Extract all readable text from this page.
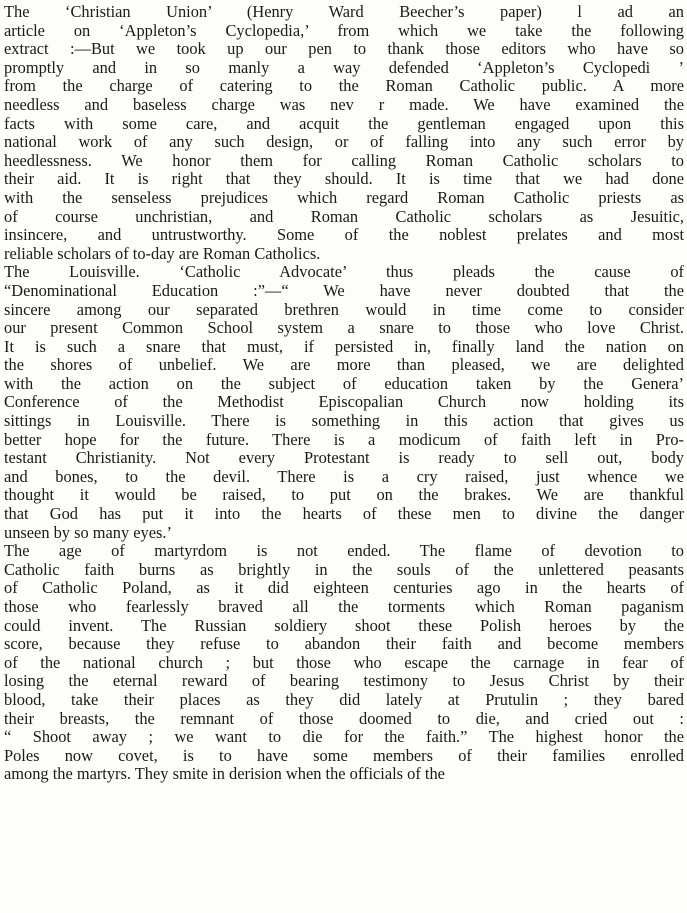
The ‘Christian Union’ (Henry Ward Beecher’s paper) l ad an
article on ‘Appleton’s Cyclopedia,’ from which we take the following
extract :—But we took up our pen to thank those editors who have so
promptly and in so manly a way defended ‘Appleton’s Cyclopedi ’
from the charge of catering to the Roman Catholic public. A more
needless and baseless charge was nev r made. We have examined the
facts with some care, and acquit the gentleman engaged upon this
national work of any such design, or of falling into any such error by
heedlessness. We honor them for calling Roman Catholic scholars to
their aid. It is right that they should. It is time that we had done
with the senseless prejudices which regard Roman Catholic priests as
of course unchristian, and Roman Catholic scholars as Jesuitic,
insincere, and untrustworthy. Some of the noblest prelates and most
reliable scholars of to-day are Roman Catholics.

The Louisville. ‘Catholic Advocate’ thus pleads the cause of
“Denominational Education :”—“ We have never doubted that the
sincere among our separated brethren would in time come to consider
our present Common School system a snare to those who love Christ.
It is such a snare that must, if persisted in, finally land the nation on
the shores of unbelief. We are more than pleased, we are delighted
with the action on the subject of education taken by the Genera’
Conference of the Methodist Episcopalian Church now holding its
sittings in Louisville. There is something in this action that gives us
better hope for the future. There is a modicum of faith left in Pro-
testant Christianity. Not every Protestant is ready to sell out, body
and bones, to the devil. There is a cry raised, just whence we
thought it would be raised, to put on the brakes. We are thankful
that God has put it into the hearts of these men to divine the danger
unseen by so many eyes.’

The age of martyrdom is not ended. The flame of devotion to
Catholic faith burns as brightly in the souls of the unlettered peasants
of Catholic Poland, as it did eighteen centuries ago in the hearts of
those who fearlessly braved all the torments which Roman paganism
could invent. The Russian soldiery shoot these Polish heroes by the
score, because they refuse to abandon their faith and become members
of the national church ; but those who escape the carnage in fear of
losing the eternal reward of bearing testimony to Jesus Christ by their
blood, take their places as they did lately at Prutulin ; they bared
their breasts, the remnant of those doomed to die, and cried out :
“ Shoot away ; we want to die for the faith.” The highest honor the
Poles now covet, is to have some members of their families enrolled
among the martyrs. They smite in derision when the officials of the
